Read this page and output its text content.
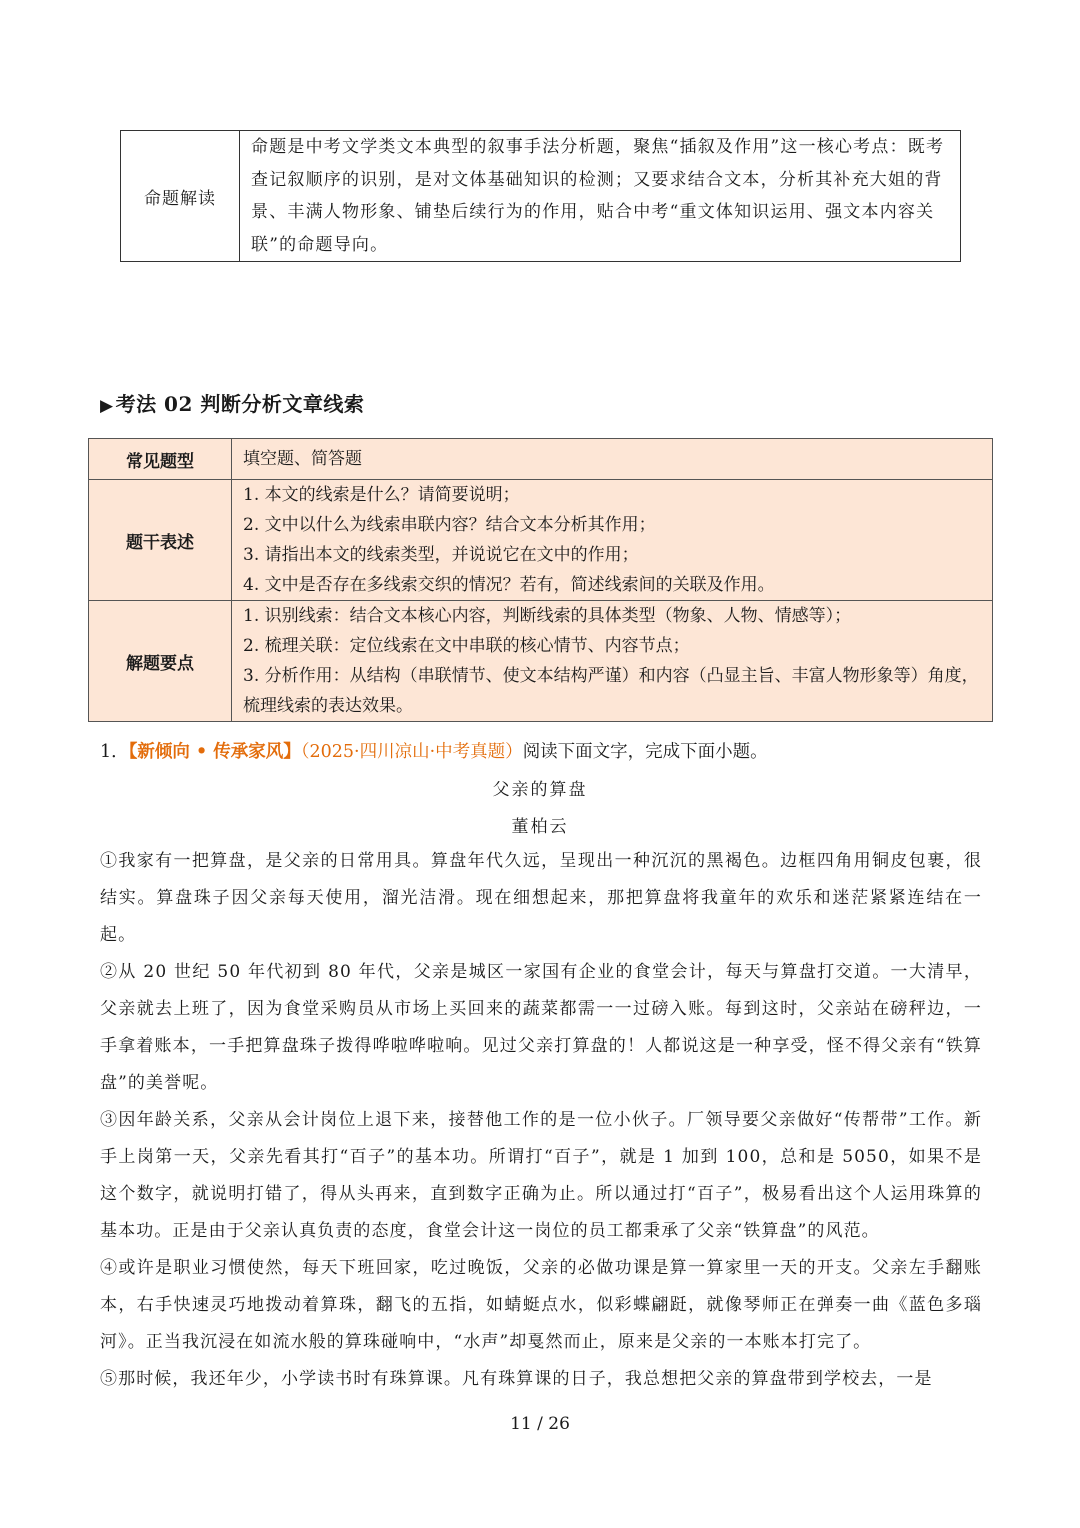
命题解读	命题是中考文学类文本典型的叙事手法分析题，聚焦“插叙及作用”这一核心考点：既考查记叙顺序的识别，是对文体基础知识的检测；又要求结合文本，分析其补充大姐的背景、丰满人物形象、铺垫后续行为的作用，贴合中考“重文体知识运用、强文本内容关联”的命题导向。
▶ 考法 02 判断分析文章线索
常见题型	填空题、简答题

题干表述	1. 本文的线索是什么？请简要说明；
2. 文中以什么为线索串联内容？结合文本分析其作用；
3. 请指出本文的线索类型，并说说它在文中的作用；
4. 文中是否存在多线索交织的情况？若有，简述线索间的关联及作用。

解题要点	1. 识别线索：结合文本核心内容，判断线索的具体类型（物象、人物、情感等）；
2. 梳理关联：定位线索在文中串联的核心情节、内容节点；
3. 分析作用：从结构（串联情节、使文本结构严谨）和内容（凸显主旨、丰富人物形象等）角度，梳理线索的表达效果。
1．【新倾向 • 传承家风】（2025·四川凉山·中考真题）阅读下面文字，完成下面小题。
父亲的算盘
董柏云

①我家有一把算盘，是父亲的日常用具。算盘年代久远，呈现出一种沉沉的黑褐色。边框四角用铜皮包裹，很结实。算盘珠子因父亲每天使用，溜光洁滑。现在细想起来，那把算盘将我童年的欢乐和迷茫紧紧连结在一起。

②从 20 世纪 50 年代初到 80 年代，父亲是城区一家国有企业的食堂会计，每天与算盘打交道。一大清早，父亲就去上班了，因为食堂采购员从市场上买回来的蔬菜都需一一过磅入账。每到这时，父亲站在磅秤边，一手拿着账本，一手把算盘珠子拨得哗啦哗啦响。见过父亲打算盘的！人都说这是一种享受，怪不得父亲有“铁算盘”的美誉呢。

③因年龄关系，父亲从会计岗位上退下来，接替他工作的是一位小伙子。厂领导要父亲做好“传帮带”工作。新手上岗第一天，父亲先看其打“百子”的基本功。所谓打“百子”，就是 1 加到 100，总和是 5050，如果不是这个数字，就说明打错了，得从头再来，直到数字正确为止。所以通过打“百子”，极易看出这个人运用珠算的基本功。正是由于父亲认真负责的态度，食堂会计这一岗位的员工都秉承了父亲“铁算盘”的风范。

④或许是职业习惯使然，每天下班回家，吃过晚饭，父亲的必做功课是算一算家里一天的开支。父亲左手翻账本，右手快速灵巧地拨动着算珠，翻飞的五指，如蜻蜓点水，似彩蝶翩跹，就像琴师正在弹奏一曲《蓝色多瑙河》。正当我沉浸在如流水般的算珠碰响中，“水声”却戛然而止，原来是父亲的一本账本打完了。

⑤那时候，我还年少，小学读书时有珠算课。凡有珠算课的日子，我总想把父亲的算盘带到学校去，一是

11 / 26
